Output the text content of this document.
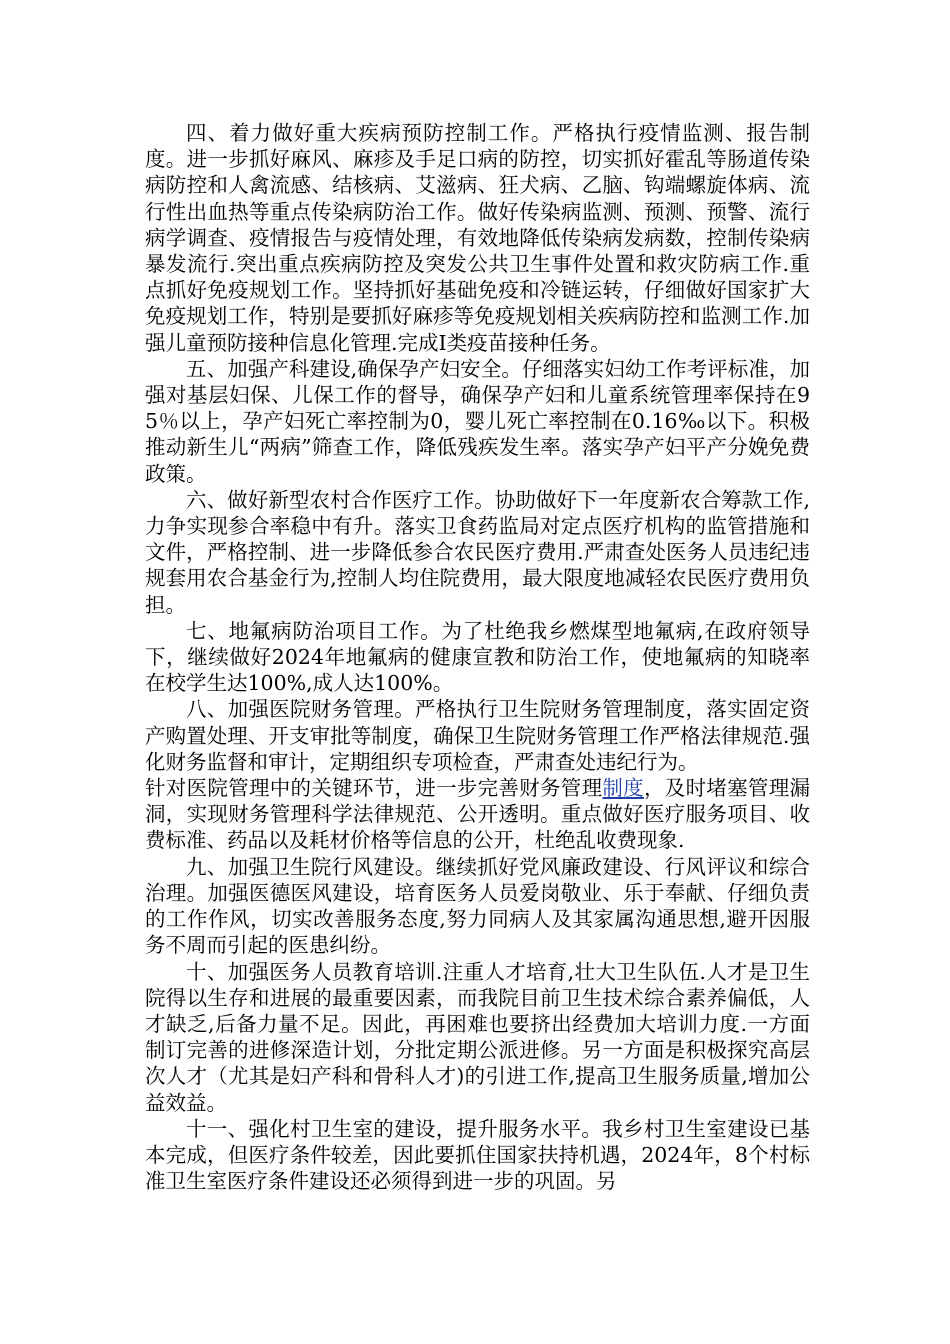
四、着力做好重大疾病预防控制工作。严格执行疫情监测、报告制度。进一步抓好麻风、麻疹及手足口病的防控，切实抓好霍乱等肠道传染病防控和人禽流感、结核病、艾滋病、狂犬病、乙脑、钩端螺旋体病、流行性出血热等重点传染病防治工作。做好传染病监测、预测、预警、流行病学调查、疫情报告与疫情处理，有效地降低传染病发病数，控制传染病暴发流行.突出重点疾病防控及突发公共卫生事件处置和救灾防病工作.重点抓好免疫规划工作。坚持抓好基础免疫和冷链运转，仔细做好国家扩大免疫规划工作，特别是要抓好麻疹等免疫规划相关疾病防控和监测工作.加强儿童预防接种信息化管理.完成Ⅰ类疫苗接种任务。

五、加强产科建设,确保孕产妇安全。仔细落实妇幼工作考评标准，加强对基层妇保、儿保工作的督导，确保孕产妇和儿童系统管理率保持在95％以上，孕产妇死亡率控制为0，婴儿死亡率控制在0.16‰以下。积极推动新生儿“两病”筛查工作，降低残疾发生率。落实孕产妇平产分娩免费政策。

六、做好新型农村合作医疗工作。协助做好下一年度新农合筹款工作,力争实现参合率稳中有升。落实卫食药监局对定点医疗机构的监管措施和文件，严格控制、进一步降低参合农民医疗费用.严肃查处医务人员违纪违规套用农合基金行为,控制人均住院费用，最大限度地减轻农民医疗费用负担。

七、地氟病防治项目工作。为了杜绝我乡燃煤型地氟病,在政府领导下，继续做好2024年地氟病的健康宣教和防治工作，使地氟病的知晓率在校学生达100%,成人达100%。

八、加强医院财务管理。严格执行卫生院财务管理制度，落实固定资产购置处理、开支审批等制度，确保卫生院财务管理工作严格法律规范.强化财务监督和审计，定期组织专项检查，严肃查处违纪行为。

针对医院管理中的关键环节，进一步完善财务管理制度，及时堵塞管理漏洞，实现财务管理科学法律规范、公开透明。重点做好医疗服务项目、收费标准、药品以及耗材价格等信息的公开，杜绝乱收费现象.

九、加强卫生院行风建设。继续抓好党风廉政建设、行风评议和综合治理。加强医德医风建设，培育医务人员爱岗敬业、乐于奉献、仔细负责的工作作风，切实改善服务态度,努力同病人及其家属沟通思想,避开因服务不周而引起的医患纠纷。

十、加强医务人员教育培训.注重人才培育,壮大卫生队伍.人才是卫生院得以生存和进展的最重要因素，而我院目前卫生技术综合素养偏低，人才缺乏,后备力量不足。因此，再困难也要挤出经费加大培训力度.一方面制订完善的进修深造计划，分批定期公派进修。另一方面是积极探究高层次人才（尤其是妇产科和骨科人才)的引进工作,提高卫生服务质量,增加公益效益。

十一、强化村卫生室的建设，提升服务水平。我乡村卫生室建设已基本完成，但医疗条件较差，因此要抓住国家扶持机遇，2024年，8个村标准卫生室医疗条件建设还必须得到进一步的巩固。另
